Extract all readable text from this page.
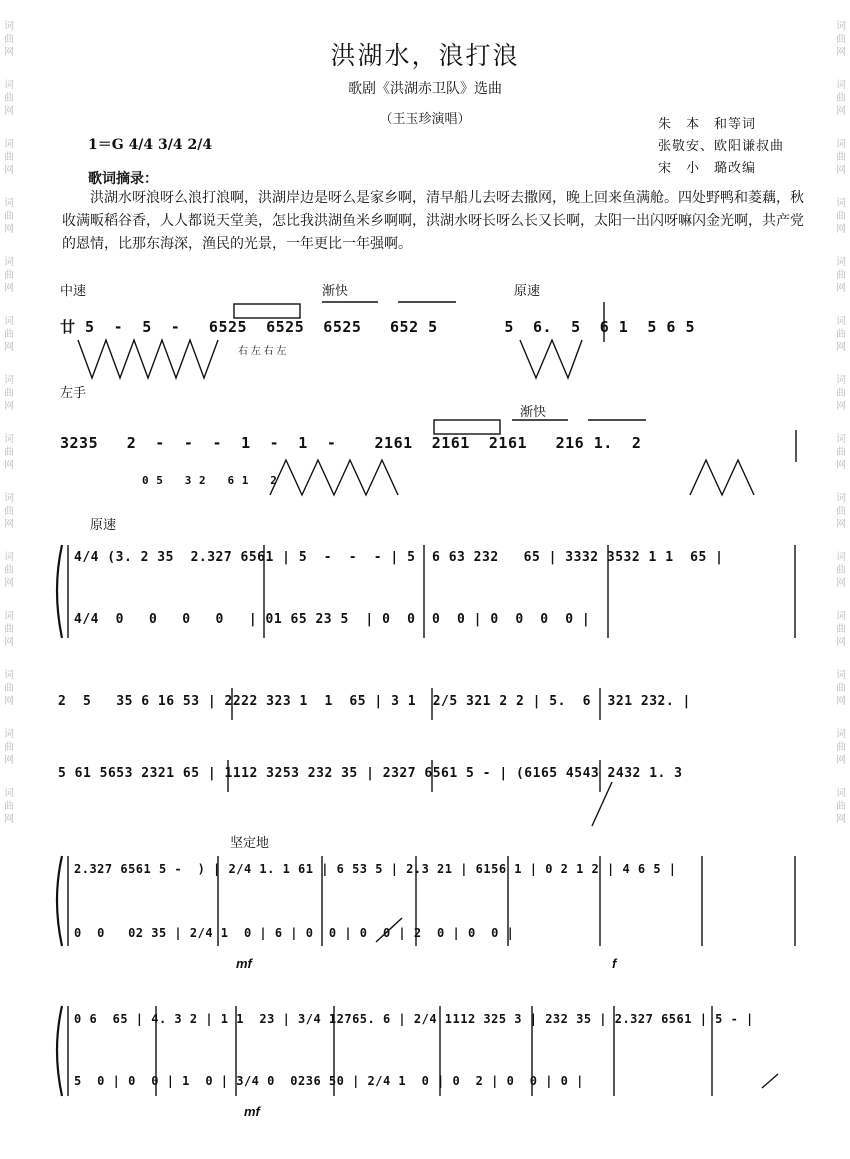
词
曲
网
词
曲
网
词
曲
网
词
曲
网
词
曲
网
词
曲
网
词
曲
网
词
曲
网
词
曲
网
词
曲
网
词
曲
网
词
曲
网
词
曲
网
词
曲
网
词
曲
网
词
曲
网
词
曲
网
词
曲
网
词
曲
网
词
曲
网
词
曲
网
词
曲
网
词
曲
网
词
曲
网
词
曲
网
词
曲
网
词
曲
网
词
曲
网
洪湖水，浪打浪
歌剧《洪湖赤卫队》选曲
（王玉珍演唱）	朱　本　和等词
张敬安、欧阳谦叔曲
宋　小　璐改编
1＝G 4/4 3/4 2/4
歌词摘录：
洪湖水呀浪呀么浪打浪啊，洪湖岸边是呀么是家乡啊，清早船儿去呀去撒网，晚上回来鱼满舱。四处野鸭和菱藕，秋收满畈稻谷香，人人都说天堂美，怎比我洪湖鱼米乡啊啊，洪湖水呀长呀么长又长啊，太阳一出闪呀嘛闪金光啊，共产党的恩情，比那东海深，渔民的光景，一年更比一年强啊。
中速	渐快	原速
右 左 右 左
左手
渐快
原速
坚定地
mf	f
mf
廿 5  -  5  -   6525  6525  6525   652 5       5  6.  5  6 1  5 6 5
3235   2  -  -  -  1  -  1  -    2161  2161  2161   216 1.  2
0 5   3 2   6 1   2
4/4 (3. 2 35  2.327 6561 | 5  -  -  - | 5  6 63 232   65 | 3332 3532 1 1  65 |
4/4  0   0   0   0   | 01 65 23 5  | 0  0  0  0 | 0  0  0  0 |
2  5   35 6 16 53 | 2222 323 1  1  65 | 3 1  2/5 321 2 2 | 5.  6  321 232. |
5 61 5653 2321 65 | 1112 3253 232 35 | 2327 6561 5 - | (6165 4543 2432 1. 3
2.327 6561 5 -  ) | 2/4 1. 1 61 | 6 53 5 | 2.3 21 | 6156 1 | 0 2 1 2 | 4 6 5 |
0  0   02 35 | 2/4 1  0 | 6 | 0  0 | 0  0 | 2  0 | 0  0 |
0 6  65 | 4. 3 2 | 1 1  23 | 3/4 12765. 6 | 2/4 1112 325 3 | 232 35 | 2.327 6561 | 5 - |
5  0 | 0  0 | 1  0 | 3/4 0  0236 50 | 2/4 1  0 | 0  2 | 0  0 | 0 |
